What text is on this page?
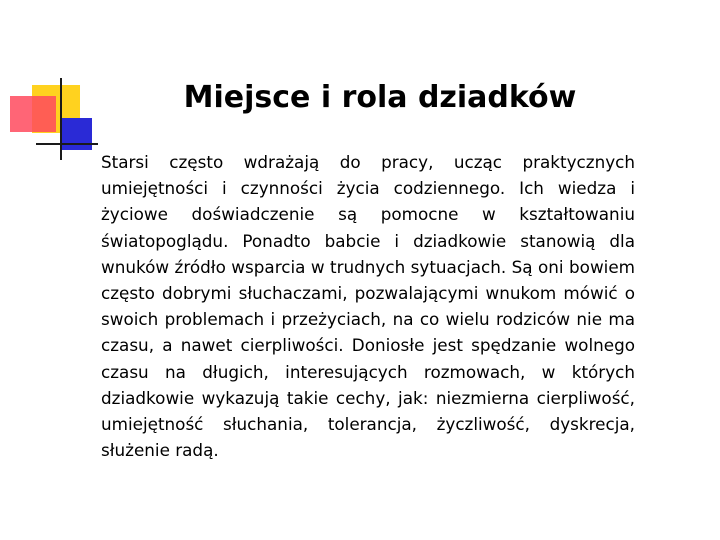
Miejsce i rola dziadków

Starsi często wdrażają do pracy, ucząc praktycznych umiejętności i czynności życia codziennego. Ich wiedza i życiowe doświadczenie są pomocne w kształtowaniu światopoglądu. Ponadto babcie i dziadkowie stanowią dla wnuków źródło wsparcia w trudnych sytuacjach. Są oni bowiem często dobrymi słuchaczami, pozwalającymi wnukom mówić o swoich problemach i przeżyciach, na co wielu rodziców nie ma czasu, a nawet cierpliwości. Doniosłe jest spędzanie wolnego czasu na długich, interesujących rozmowach, w których dziadkowie wykazują takie cechy, jak: niezmierna cierpliwość, umiejętność słuchania, tolerancja, życzliwość, dyskrecja, służenie radą.
